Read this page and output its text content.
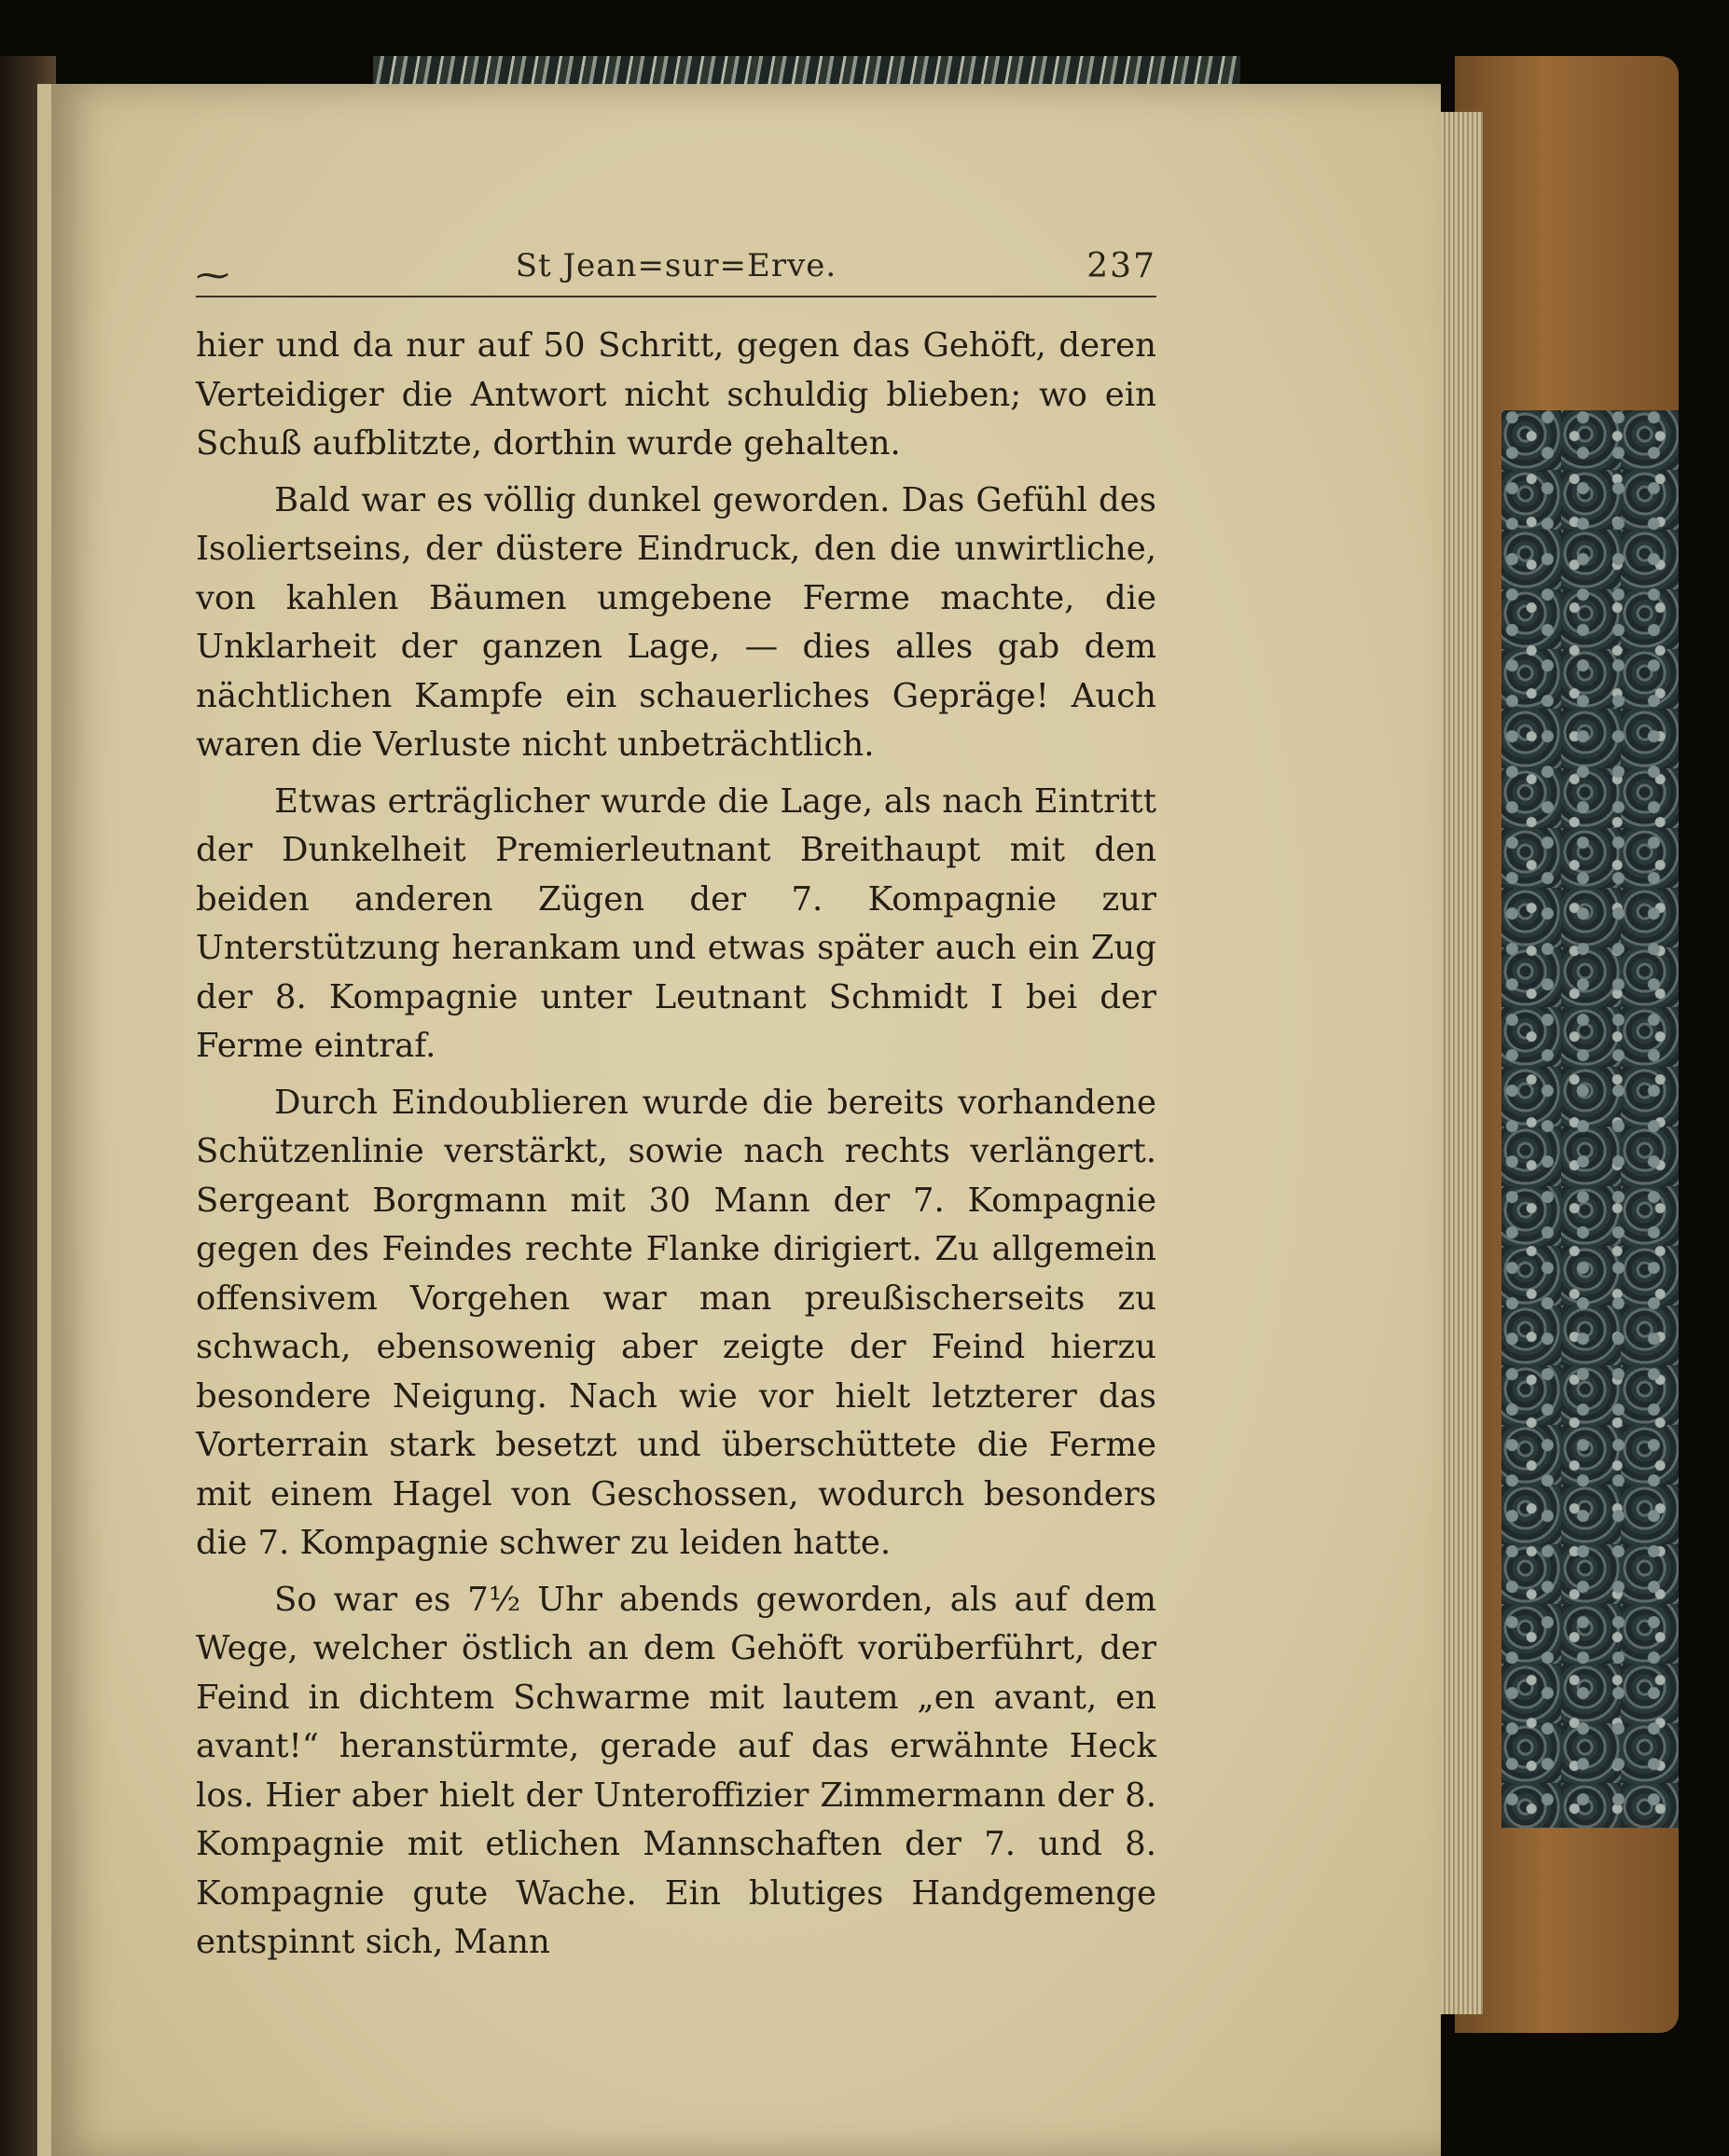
⁓	St Jean=sur=Erve.	237

hier und da nur auf 50 Schritt, gegen das Gehöft, deren Verteidiger die Antwort nicht schuldig blieben; wo ein Schuß aufblitzte, dorthin wurde gehalten.

Bald war es völlig dunkel geworden. Das Gefühl des Isoliertseins, der düstere Eindruck, den die unwirtliche, von kahlen Bäumen umgebene Ferme machte, die Unklarheit der ganzen Lage, — dies alles gab dem nächtlichen Kampfe ein schauerliches Gepräge! Auch waren die Verluste nicht unbeträchtlich.

Etwas erträglicher wurde die Lage, als nach Eintritt der Dunkelheit Premierleutnant Breithaupt mit den beiden anderen Zügen der 7. Kompagnie zur Unterstützung herankam und etwas später auch ein Zug der 8. Kompagnie unter Leutnant Schmidt I bei der Ferme eintraf.

Durch Eindoublieren wurde die bereits vorhandene Schützenlinie verstärkt, sowie nach rechts verlängert. Sergeant Borgmann mit 30 Mann der 7. Kompagnie gegen des Feindes rechte Flanke dirigiert. Zu allgemein offensivem Vorgehen war man preußischerseits zu schwach, ebensowenig aber zeigte der Feind hierzu besondere Neigung. Nach wie vor hielt letzterer das Vorterrain stark besetzt und überschüttete die Ferme mit einem Hagel von Geschossen, wodurch besonders die 7. Kompagnie schwer zu leiden hatte.

So war es 7½ Uhr abends geworden, als auf dem Wege, welcher östlich an dem Gehöft vorüberführt, der Feind in dichtem Schwarme mit lautem „en avant, en avant!“ heranstürmte, gerade auf das erwähnte Heck los. Hier aber hielt der Unteroffizier Zimmermann der 8. Kompagnie mit etlichen Mannschaften der 7. und 8. Kompagnie gute Wache. Ein blutiges Handgemenge entspinnt sich, Mann
